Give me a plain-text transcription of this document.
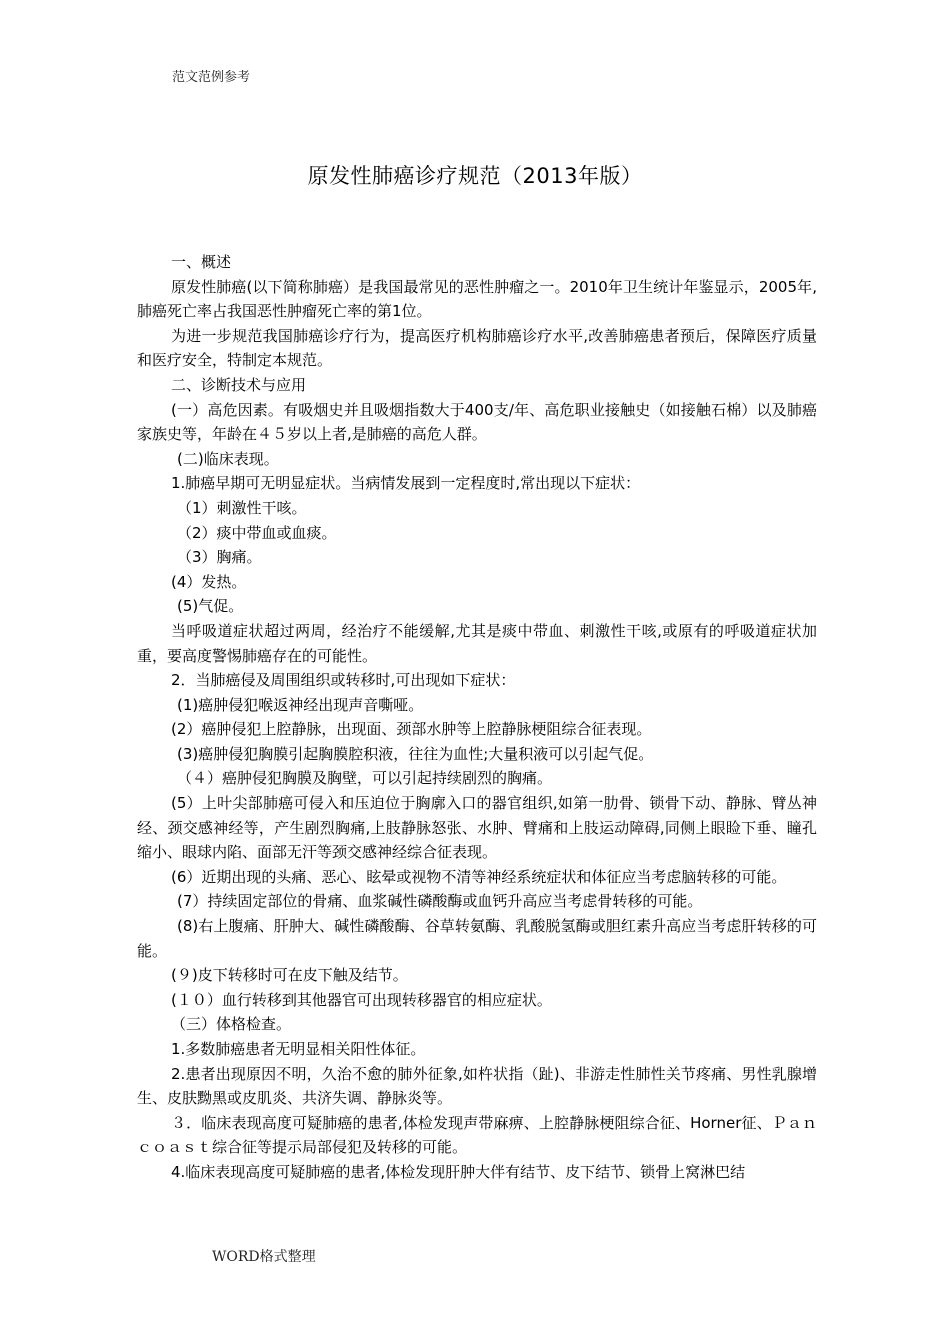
范文范例参考
原发性肺癌诊疗规范（2013年版）

一、概述

原发性肺癌(以下简称肺癌）是我国最常见的恶性肿瘤之一。2010年卫生统计年鉴显示，2005年,肺癌死亡率占我国恶性肿瘤死亡率的第1位。

为进一步规范我国肺癌诊疗行为，提高医疗机构肺癌诊疗水平,改善肺癌患者预后，保障医疗质量和医疗安全，特制定本规范。

二、诊断技术与应用

(一）高危因素。有吸烟史并且吸烟指数大于400支/年、高危职业接触史（如接触石棉）以及肺癌家族史等，年龄在４５岁以上者,是肺癌的高危人群。

(二)临床表现。

1.肺癌早期可无明显症状。当病情发展到一定程度时,常出现以下症状：

（1）刺激性干咳。

（2）痰中带血或血痰。

（3）胸痛。

(4）发热。

(5)气促。

当呼吸道症状超过两周，经治疗不能缓解,尤其是痰中带血、刺激性干咳,或原有的呼吸道症状加重，要高度警惕肺癌存在的可能性。

2．当肺癌侵及周围组织或转移时,可出现如下症状：

(1)癌肿侵犯喉返神经出现声音嘶哑。

(2）癌肿侵犯上腔静脉，出现面、颈部水肿等上腔静脉梗阻综合征表现。

(3)癌肿侵犯胸膜引起胸膜腔积液，往往为血性;大量积液可以引起气促。

（４）癌肿侵犯胸膜及胸壁，可以引起持续剧烈的胸痛。

(5）上叶尖部肺癌可侵入和压迫位于胸廓入口的器官组织,如第一肋骨、锁骨下动、静脉、臂丛神经、颈交感神经等，产生剧烈胸痛,上肢静脉怒张、水肿、臂痛和上肢运动障碍,同侧上眼睑下垂、瞳孔缩小、眼球内陷、面部无汗等颈交感神经综合征表现。

(6）近期出现的头痛、恶心、眩晕或视物不清等神经系统症状和体征应当考虑脑转移的可能。

(7）持续固定部位的骨痛、血浆碱性磷酸酶或血钙升高应当考虑骨转移的可能。

(8)右上腹痛、肝肿大、碱性磷酸酶、谷草转氨酶、乳酸脱氢酶或胆红素升高应当考虑肝转移的可能。

(９)皮下转移时可在皮下触及结节。

(１０）血行转移到其他器官可出现转移器官的相应症状。

（三）体格检查。

1.多数肺癌患者无明显相关阳性体征。

2.患者出现原因不明，久治不愈的肺外征象,如杵状指（趾)、非游走性肺性关节疼痛、男性乳腺增生、皮肤黝黑或皮肌炎、共济失调、静脉炎等。

３．临床表现高度可疑肺癌的患者,体检发现声带麻痹、上腔静脉梗阻综合征、Horner征、Ｐａｎｃｏａｓｔ综合征等提示局部侵犯及转移的可能。

4.临床表现高度可疑肺癌的患者,体检发现肝肿大伴有结节、皮下结节、锁骨上窝淋巴结

WORD格式整理
